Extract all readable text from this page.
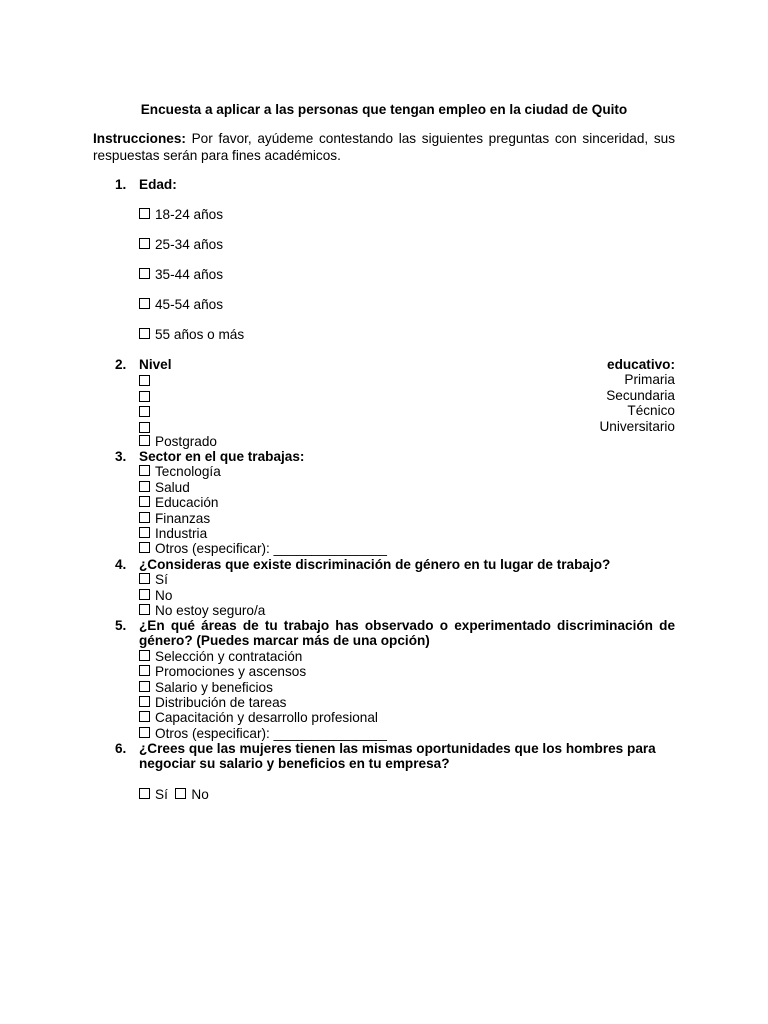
Encuesta a aplicar a las personas que tengan empleo en la ciudad de Quito
Instrucciones: Por favor, ayúdeme contestando las siguientes preguntas con sinceridad, sus respuestas serán para fines académicos.
1. Edad:
18-24 años
25-34 años
35-44 años
45-54 años
55 años o más
2. Nivel	educativo:
Primaria
Secundaria
Técnico
Universitario
Postgrado
3. Sector en el que trabajas:
Tecnología
Salud
Educación
Finanzas
Industria
Otros (especificar): _______________
4. ¿Consideras que existe discriminación de género en tu lugar de trabajo?
Sí
No
No estoy seguro/a
5. ¿En qué áreas de tu trabajo has observado o experimentado discriminación de género? (Puedes marcar más de una opción)
Selección y contratación
Promociones y ascensos
Salario y beneficios
Distribución de tareas
Capacitación y desarrollo profesional
Otros (especificar): _______________
6. ¿Crees que las mujeres tienen las mismas oportunidades que los hombres para negociar su salario y beneficios en tu empresa?
Sí No
